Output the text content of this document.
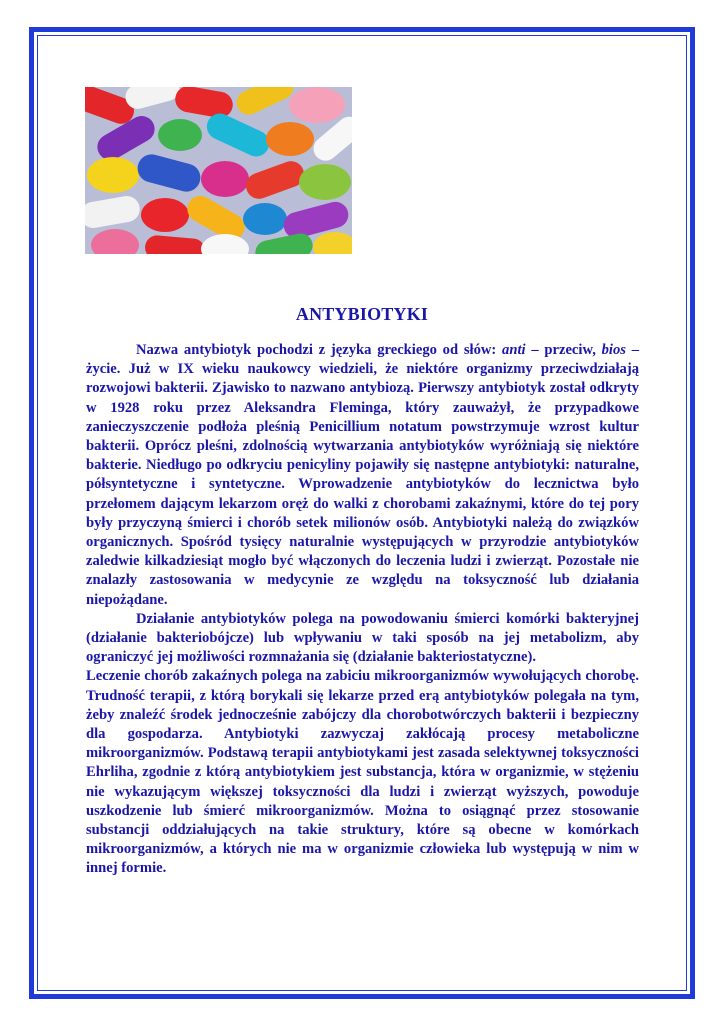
ANTYBIOTYKI

Nazwa antybiotyk pochodzi z języka greckiego od słów: anti – przeciw, bios – życie. Już w IX wieku naukowcy wiedzieli, że niektóre organizmy przeciwdziałają rozwojowi bakterii. Zjawisko to nazwano antybiozą. Pierwszy antybiotyk został odkryty w 1928 roku przez Aleksandra Fleminga, który zauważył, że przypadkowe zanieczyszczenie podłoża pleśnią Penicillium notatum powstrzymuje wzrost kultur bakterii. Oprócz pleśni, zdolnością wytwarzania antybiotyków wyróżniają się niektóre bakterie. Niedługo po odkryciu penicyliny pojawiły się następne antybiotyki: naturalne, półsyntetyczne i syntetyczne. Wprowadzenie antybiotyków do lecznictwa było przełomem dającym lekarzom oręż do walki z chorobami zakaźnymi, które do tej pory były przyczyną śmierci i chorób setek milionów osób. Antybiotyki należą do związków organicznych. Spośród tysięcy naturalnie występujących w przyrodzie antybiotyków zaledwie kilkadziesiąt mogło być włączonych do leczenia ludzi i zwierząt. Pozostałe nie znalazły zastosowania w medycynie ze względu na toksyczność lub działania niepożądane.

Działanie antybiotyków polega na powodowaniu śmierci komórki bakteryjnej (działanie bakteriobójcze) lub wpływaniu w taki sposób na jej metabolizm, aby ograniczyć jej możliwości rozmnażania się (działanie bakteriostatyczne).

Leczenie chorób zakaźnych polega na zabiciu mikroorganizmów wywołujących chorobę. Trudność terapii, z którą borykali się lekarze przed erą antybiotyków polegała na tym, żeby znaleźć środek jednocześnie zabójczy dla chorobotwórczych bakterii i bezpieczny dla gospodarza. Antybiotyki zazwyczaj zakłócają procesy metaboliczne mikroorganizmów. Podstawą terapii antybiotykami jest zasada selektywnej toksyczności Ehrliha, zgodnie z którą antybiotykiem jest substancja, która w organizmie, w stężeniu nie wykazującym większej toksyczności dla ludzi i zwierząt wyższych, powoduje uszkodzenie lub śmierć mikroorganizmów. Można to osiągnąć przez stosowanie substancji oddziałujących na takie struktury, które są obecne w komórkach mikroorganizmów, a których nie ma w organizmie człowieka lub występują w nim w innej formie.
